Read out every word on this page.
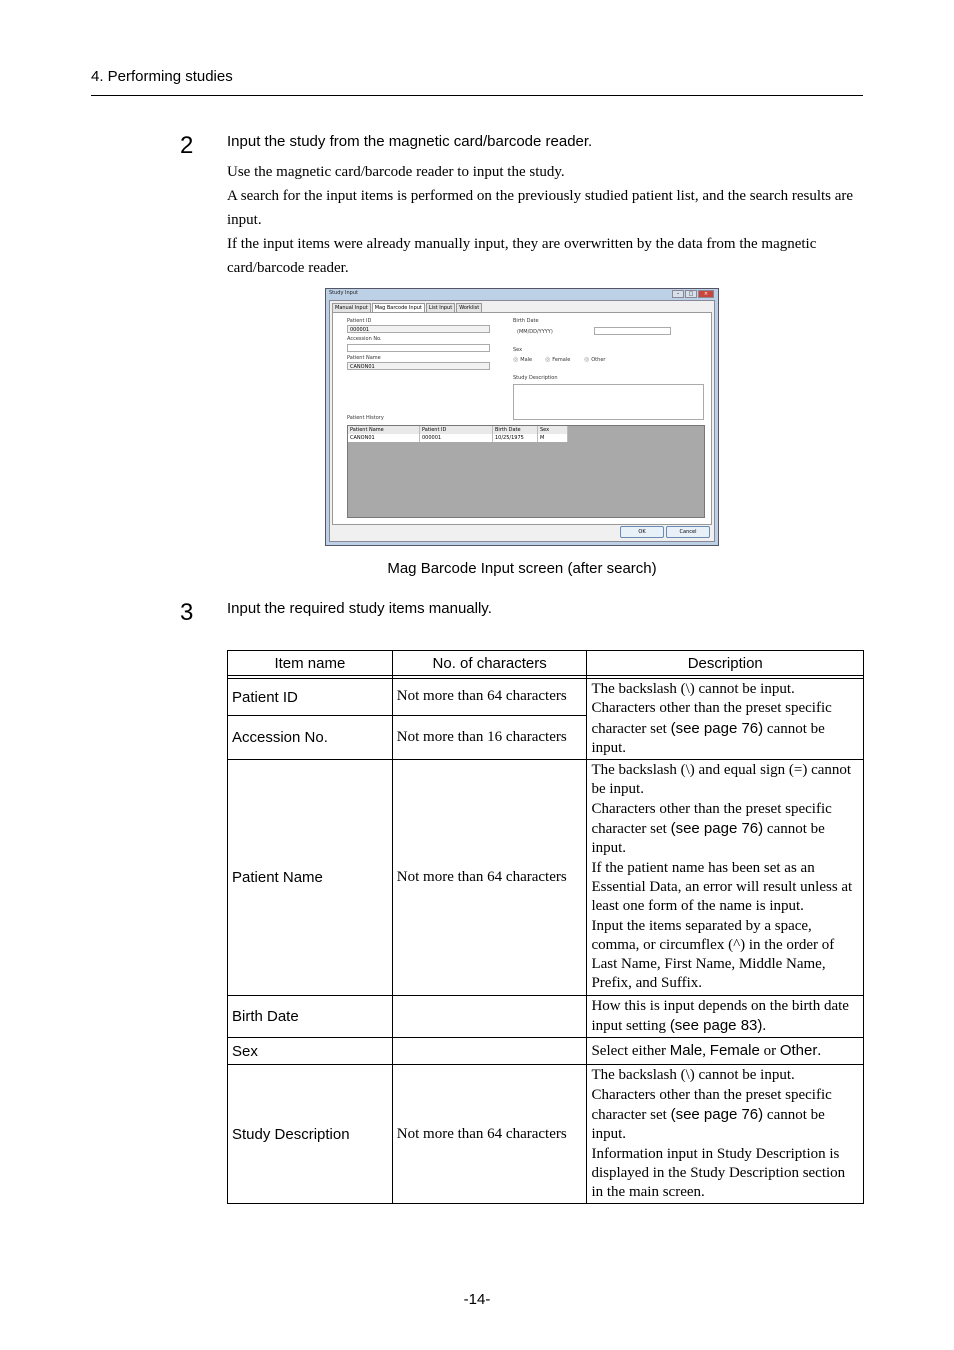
4. Performing studies
2 Input the study from the magnetic card/barcode reader.

Use the magnetic card/barcode reader to input the study.

A search for the input items is performed on the previously studied patient list, and the search results are input.

If the input items were already manually input, they are overwritten by the data from the magnetic card/barcode reader.

Study Input	–	□	×
Manual Input	Mag Barcode Input	List Input	Worklist
Patient ID
000001
Accession No.
Patient Name
CANON01
Birth Date
(MM/DD/YYYY)
Sex
◎ Male	◎ Female	◎ Other
Study Description
Patient History
Patient Name	Patient ID	Birth Date	Sex
CANON01	000001	10/25/1975	M
OK	Cancel
Mag Barcode Input screen (after search)
3 Input the required study items manually.
Item name	No. of characters	Description

Patient ID	Not more than 64 characters	The backslash (\) cannot be input. Characters other than the preset specific character set (see page 76) cannot be input.
Accession No.	Not more than 16 characters	
Patient Name	Not more than 64 characters	The backslash (\) and equal sign (=) cannot be input.
Characters other than the preset specific character set (see page 76) cannot be input.
If the patient name has been set as an Essential Data, an error will result unless at least one form of the name is input.
Input the items separated by a space, comma, or circumflex (^) in the order of Last Name, First Name, Middle Name, Prefix, and Suffix.
Birth Date		How this is input depends on the birth date input setting (see page 83).
Sex		Select either Male, Female or Other.
Study Description	Not more than 64 characters	The backslash (\) cannot be input.
Characters other than the preset specific character set (see page 76) cannot be input.
Information input in Study Description is displayed in the Study Description section in the main screen.
-14-
